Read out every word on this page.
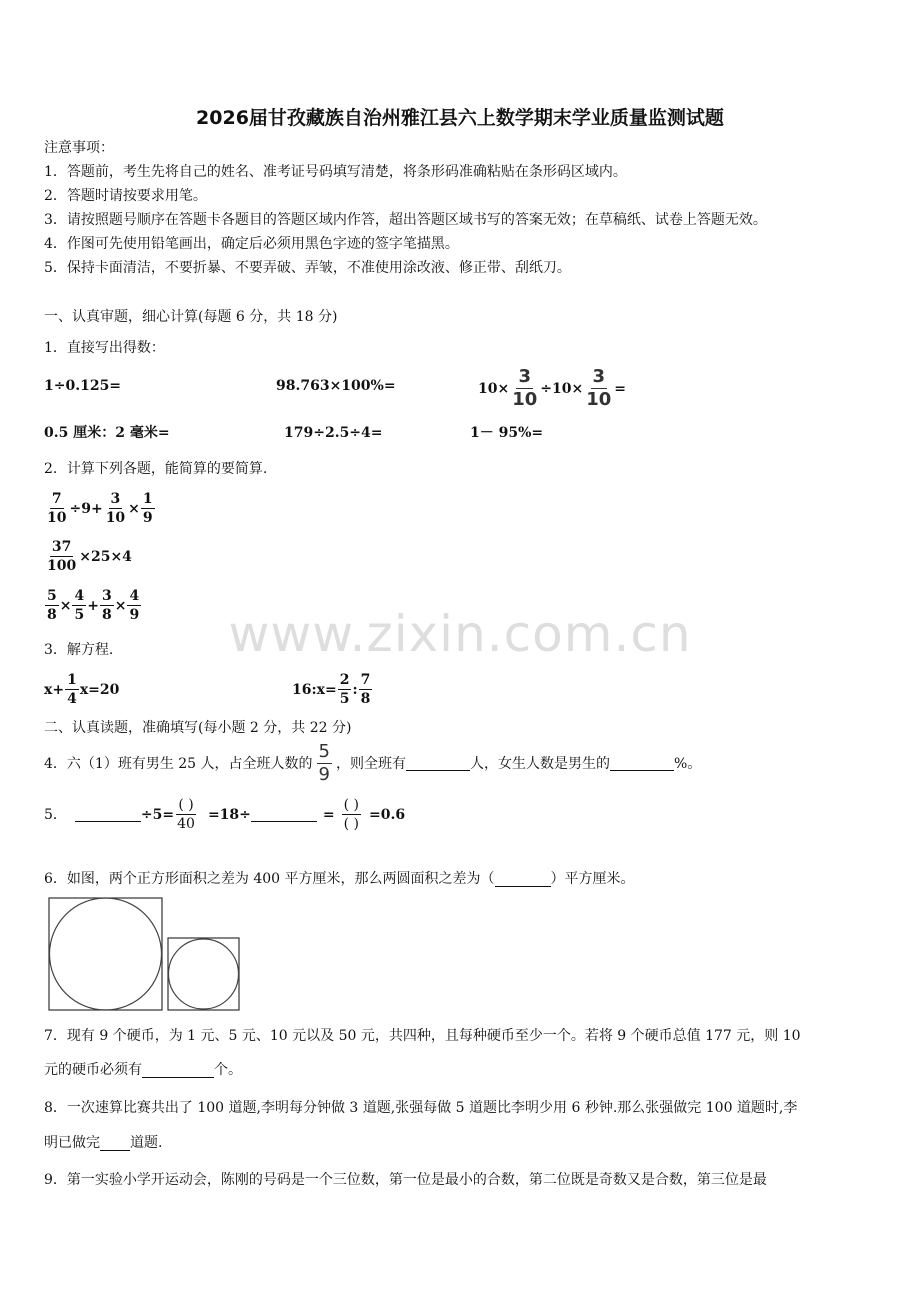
www.zixin.com.cn
2026届甘孜藏族自治州雅江县六上数学期末学业质量监测试题
注意事项：
1．答题前，考生先将自己的姓名、准考证号码填写清楚，将条形码准确粘贴在条形码区域内。
2．答题时请按要求用笔。
3．请按照题号顺序在答题卡各题目的答题区域内作答，超出答题区域书写的答案无效；在草稿纸、试卷上答题无效。
4．作图可先使用铅笔画出，确定后必须用黑色字迹的签字笔描黑。
5．保持卡面清洁，不要折暴、不要弄破、弄皱，不准使用涂改液、修正带、刮纸刀。
一、认真审题，细心计算(每题 6 分，共 18 分)
1．直接写出得数：
1÷0.125=	98.763×100%=	$10\times \frac{3}{10} \div 10\times \frac{3}{10}$ =
0.5 厘米：2 毫米=	179÷2.5÷4=	1－ 95%=
2．计算下列各题，能简算的要简算.
$\frac{7}{10} \div 9+ \frac{3}{10} \times \frac{1}{9}$
$\frac{37}{100} \times 25\times 4$
$\frac{5}{8} \times \frac{4}{5} + \frac{3}{8} \times \frac{4}{9}$
3．解方程.
$x+ \frac{1}{4} x=20$	16:x= $\frac{2}{5}$ : $\frac{7}{8}$
二、认真读题，准确填写(每小题 2 分，共 22 分)
4．六（1）班有男生 25 人，占全班人数的 $\frac{5}{9}$ ，则全班有	人，女生人数是男生的	%。
5．	$\div 5= \frac{( )}{40} =18\div$	= $\frac{( )}{( )} =0.6$
6．如图，两个正方形面积之差为 400 平方厘米，那么两圆面积之差为（	）平方厘米。
7．现有 9 个硬币，为 1 元、5 元、10 元以及 50 元，共四种，且每种硬币至少一个。若将 9 个硬币总值 177 元，则 10
元的硬币必须有	个。
8．一次速算比赛共出了 100 道题,李明每分钟做 3 道题,张强每做 5 道题比李明少用 6 秒钟.那么张强做完 100 道题时,李
明已做完 道题.
9．第一实验小学开运动会，陈刚的号码是一个三位数，第一位是最小的合数，第二位既是奇数又是合数，第三位是最
